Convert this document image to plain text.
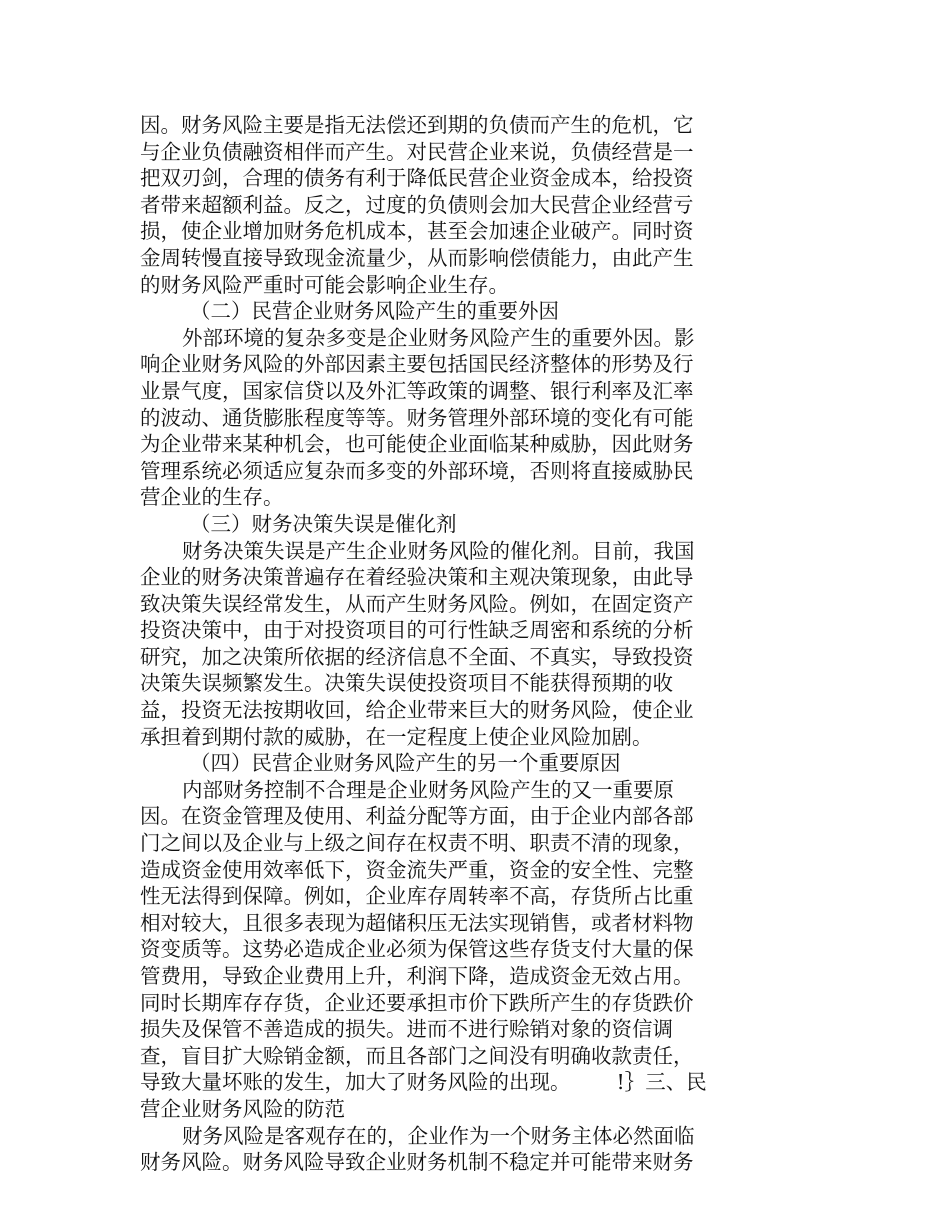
因。财务风险主要是指无法偿还到期的负债而产生的危机，它
与企业负债融资相伴而产生。对民营企业来说，负债经营是一
把双刃剑，合理的债务有利于降低民营企业资金成本，给投资
者带来超额利益。反之，过度的负债则会加大民营企业经营亏
损，使企业增加财务危机成本，甚至会加速企业破产。同时资
金周转慢直接导致现金流量少，从而影响偿债能力，由此产生
的财务风险严重时可能会影响企业生存。
（二）民营企业财务风险产生的重要外因
外部环境的复杂多变是企业财务风险产生的重要外因。影
响企业财务风险的外部因素主要包括国民经济整体的形势及行
业景气度，国家信贷以及外汇等政策的调整、银行利率及汇率
的波动、通货膨胀程度等等。财务管理外部环境的变化有可能
为企业带来某种机会，也可能使企业面临某种威胁，因此财务
管理系统必须适应复杂而多变的外部环境，否则将直接威胁民
营企业的生存。
（三）财务决策失误是催化剂
财务决策失误是产生企业财务风险的催化剂。目前，我国
企业的财务决策普遍存在着经验决策和主观决策现象，由此导
致决策失误经常发生，从而产生财务风险。例如，在固定资产
投资决策中，由于对投资项目的可行性缺乏周密和系统的分析
研究，加之决策所依据的经济信息不全面、不真实，导致投资
决策失误频繁发生。决策失误使投资项目不能获得预期的收
益，投资无法按期收回，给企业带来巨大的财务风险，使企业
承担着到期付款的威胁，在一定程度上使企业风险加剧。
（四）民营企业财务风险产生的另一个重要原因
内部财务控制不合理是企业财务风险产生的又一重要原
因。在资金管理及使用、利益分配等方面，由于企业内部各部
门之间以及企业与上级之间存在权责不明、职责不清的现象，
造成资金使用效率低下，资金流失严重，资金的安全性、完整
性无法得到保障。例如，企业库存周转率不高，存货所占比重
相对较大，且很多表现为超储积压无法实现销售，或者材料物
资变质等。这势必造成企业必须为保管这些存货支付大量的保
管费用，导致企业费用上升，利润下降，造成资金无效占用。
同时长期库存存货，企业还要承担市价下跌所产生的存货跌价
损失及保管不善造成的损失。进而不进行赊销对象的资信调
查，盲目扩大赊销金额，而且各部门之间没有明确收款责任，
导致大量坏账的发生，加大了财务风险的出现。 !｝三、民
营企业财务风险的防范
财务风险是客观存在的，企业作为一个财务主体必然面临
财务风险。财务风险导致企业财务机制不稳定并可能带来财务
